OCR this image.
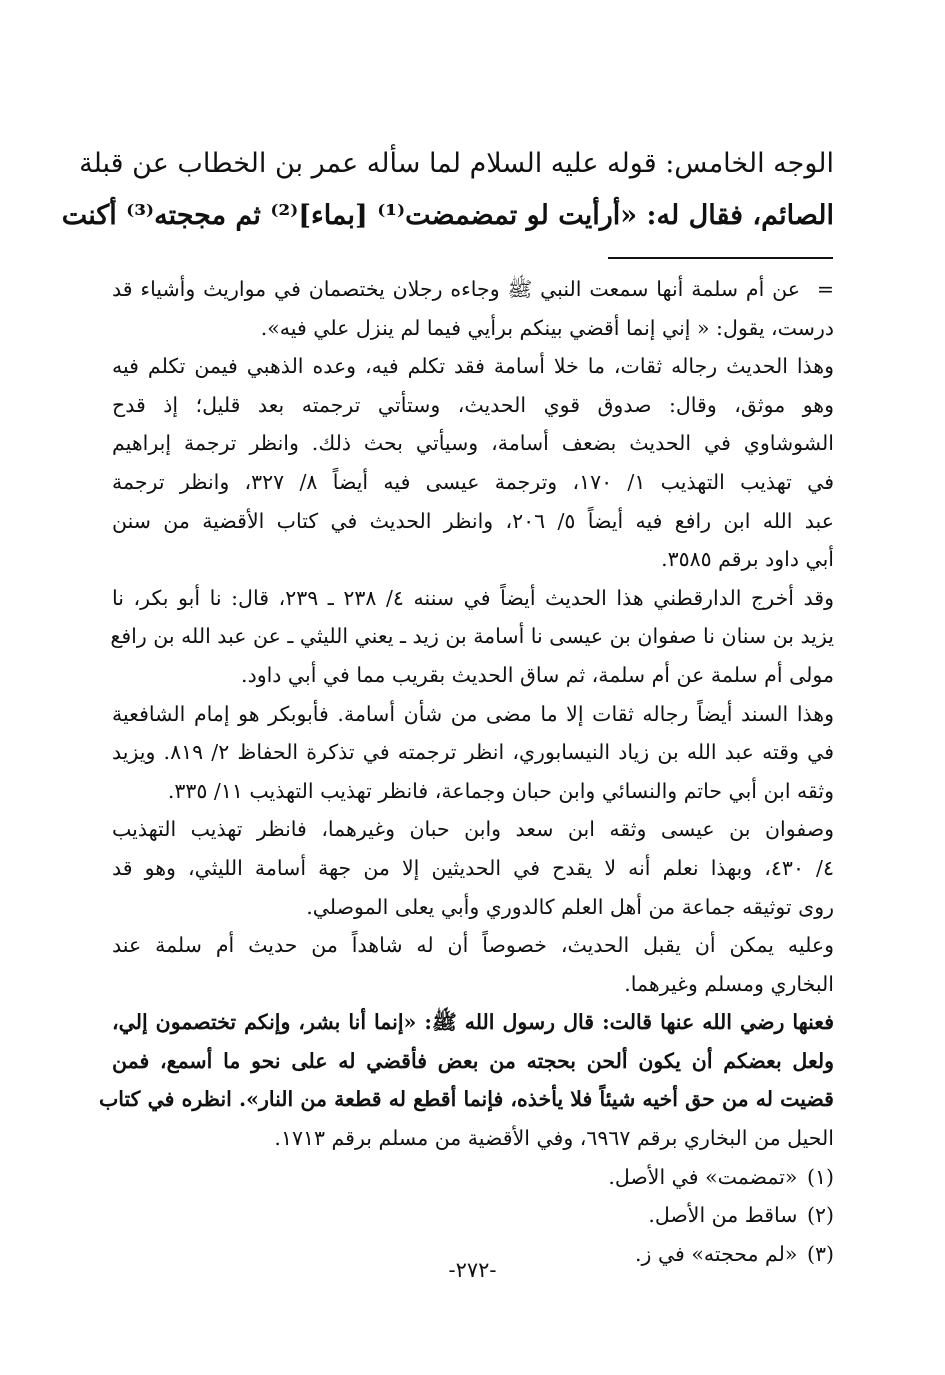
الوجه الخامس: قوله عليه السلام لما سأله عمر بن الخطاب عن قبلة
الصائم، فقال له: «أرأيت لو تمضمضت⁽¹⁾ [بماء]⁽²⁾ ثم مججته⁽³⁾ أكنت
=
عن أم سلمة أنها سمعت النبي ﷺ وجاءه رجلان يختصمان في مواريث وأشياء قد
درست، يقول: « إني إنما أقضي بينكم برأيي فيما لم ينزل علي فيه».
وهذا الحديث رجاله ثقات، ما خلا أسامة فقد تكلم فيه، وعده الذهبي فيمن تكلم فيه
وهو موثق، وقال: صدوق قوي الحديث، وستأتي ترجمته بعد قليل؛ إذ قدح
الشوشاوي في الحديث بضعف أسامة، وسيأتي بحث ذلك. وانظر ترجمة إبراهيم
في تهذيب التهذيب ١/ ١٧٠، وترجمة عيسى فيه أيضاً ٨/ ٣٢٧، وانظر ترجمة
عبد الله ابن رافع فيه أيضاً ٥/ ٢٠٦، وانظر الحديث في كتاب الأقضية من سنن
أبي داود برقم ٣٥٨٥.
وقد أخرج الدارقطني هذا الحديث أيضاً في سننه ٤/ ٢٣٨ ـ ٢٣٩، قال: نا أبو بكر، نا
يزيد بن سنان نا صفوان بن عيسى نا أسامة بن زيد ـ يعني الليثي ـ عن عبد الله بن رافع
مولى أم سلمة عن أم سلمة، ثم ساق الحديث بقريب مما في أبي داود.
وهذا السند أيضاً رجاله ثقات إلا ما مضى من شأن أسامة. فأبوبكر هو إمام الشافعية
في وقته عبد الله بن زياد النيسابوري، انظر ترجمته في تذكرة الحفاظ ٢/ ٨١٩. ويزيد
وثقه ابن أبي حاتم والنسائي وابن حبان وجماعة، فانظر تهذيب التهذيب ١١/ ٣٣٥.
وصفوان بن عيسى وثقه ابن سعد وابن حبان وغيرهما، فانظر تهذيب التهذيب
٤/ ٤٣٠، وبهذا نعلم أنه لا يقدح في الحديثين إلا من جهة أسامة الليثي، وهو قد
روى توثيقه جماعة من أهل العلم كالدوري وأبي يعلى الموصلي.
وعليه يمكن أن يقبل الحديث، خصوصاً أن له شاهداً من حديث أم سلمة عند
البخاري ومسلم وغيرهما.
فعنها رضي الله عنها قالت: قال رسول الله ﷺ: «إنما أنا بشر، وإنكم تختصمون إلي،
ولعل بعضكم أن يكون ألحن بحجته من بعض فأقضي له على نحو ما أسمع، فمن
قضيت له من حق أخيه شيئاً فلا يأخذه، فإنما أقطع له قطعة من النار». انظره في كتاب
الحيل من البخاري برقم ٦٩٦٧، وفي الأقضية من مسلم برقم ١٧١٣.
(١) «تمضمت» في الأصل.
(٢) ساقط من الأصل.
(٣) «لم محجته» في ز.
-٢٧٢-
